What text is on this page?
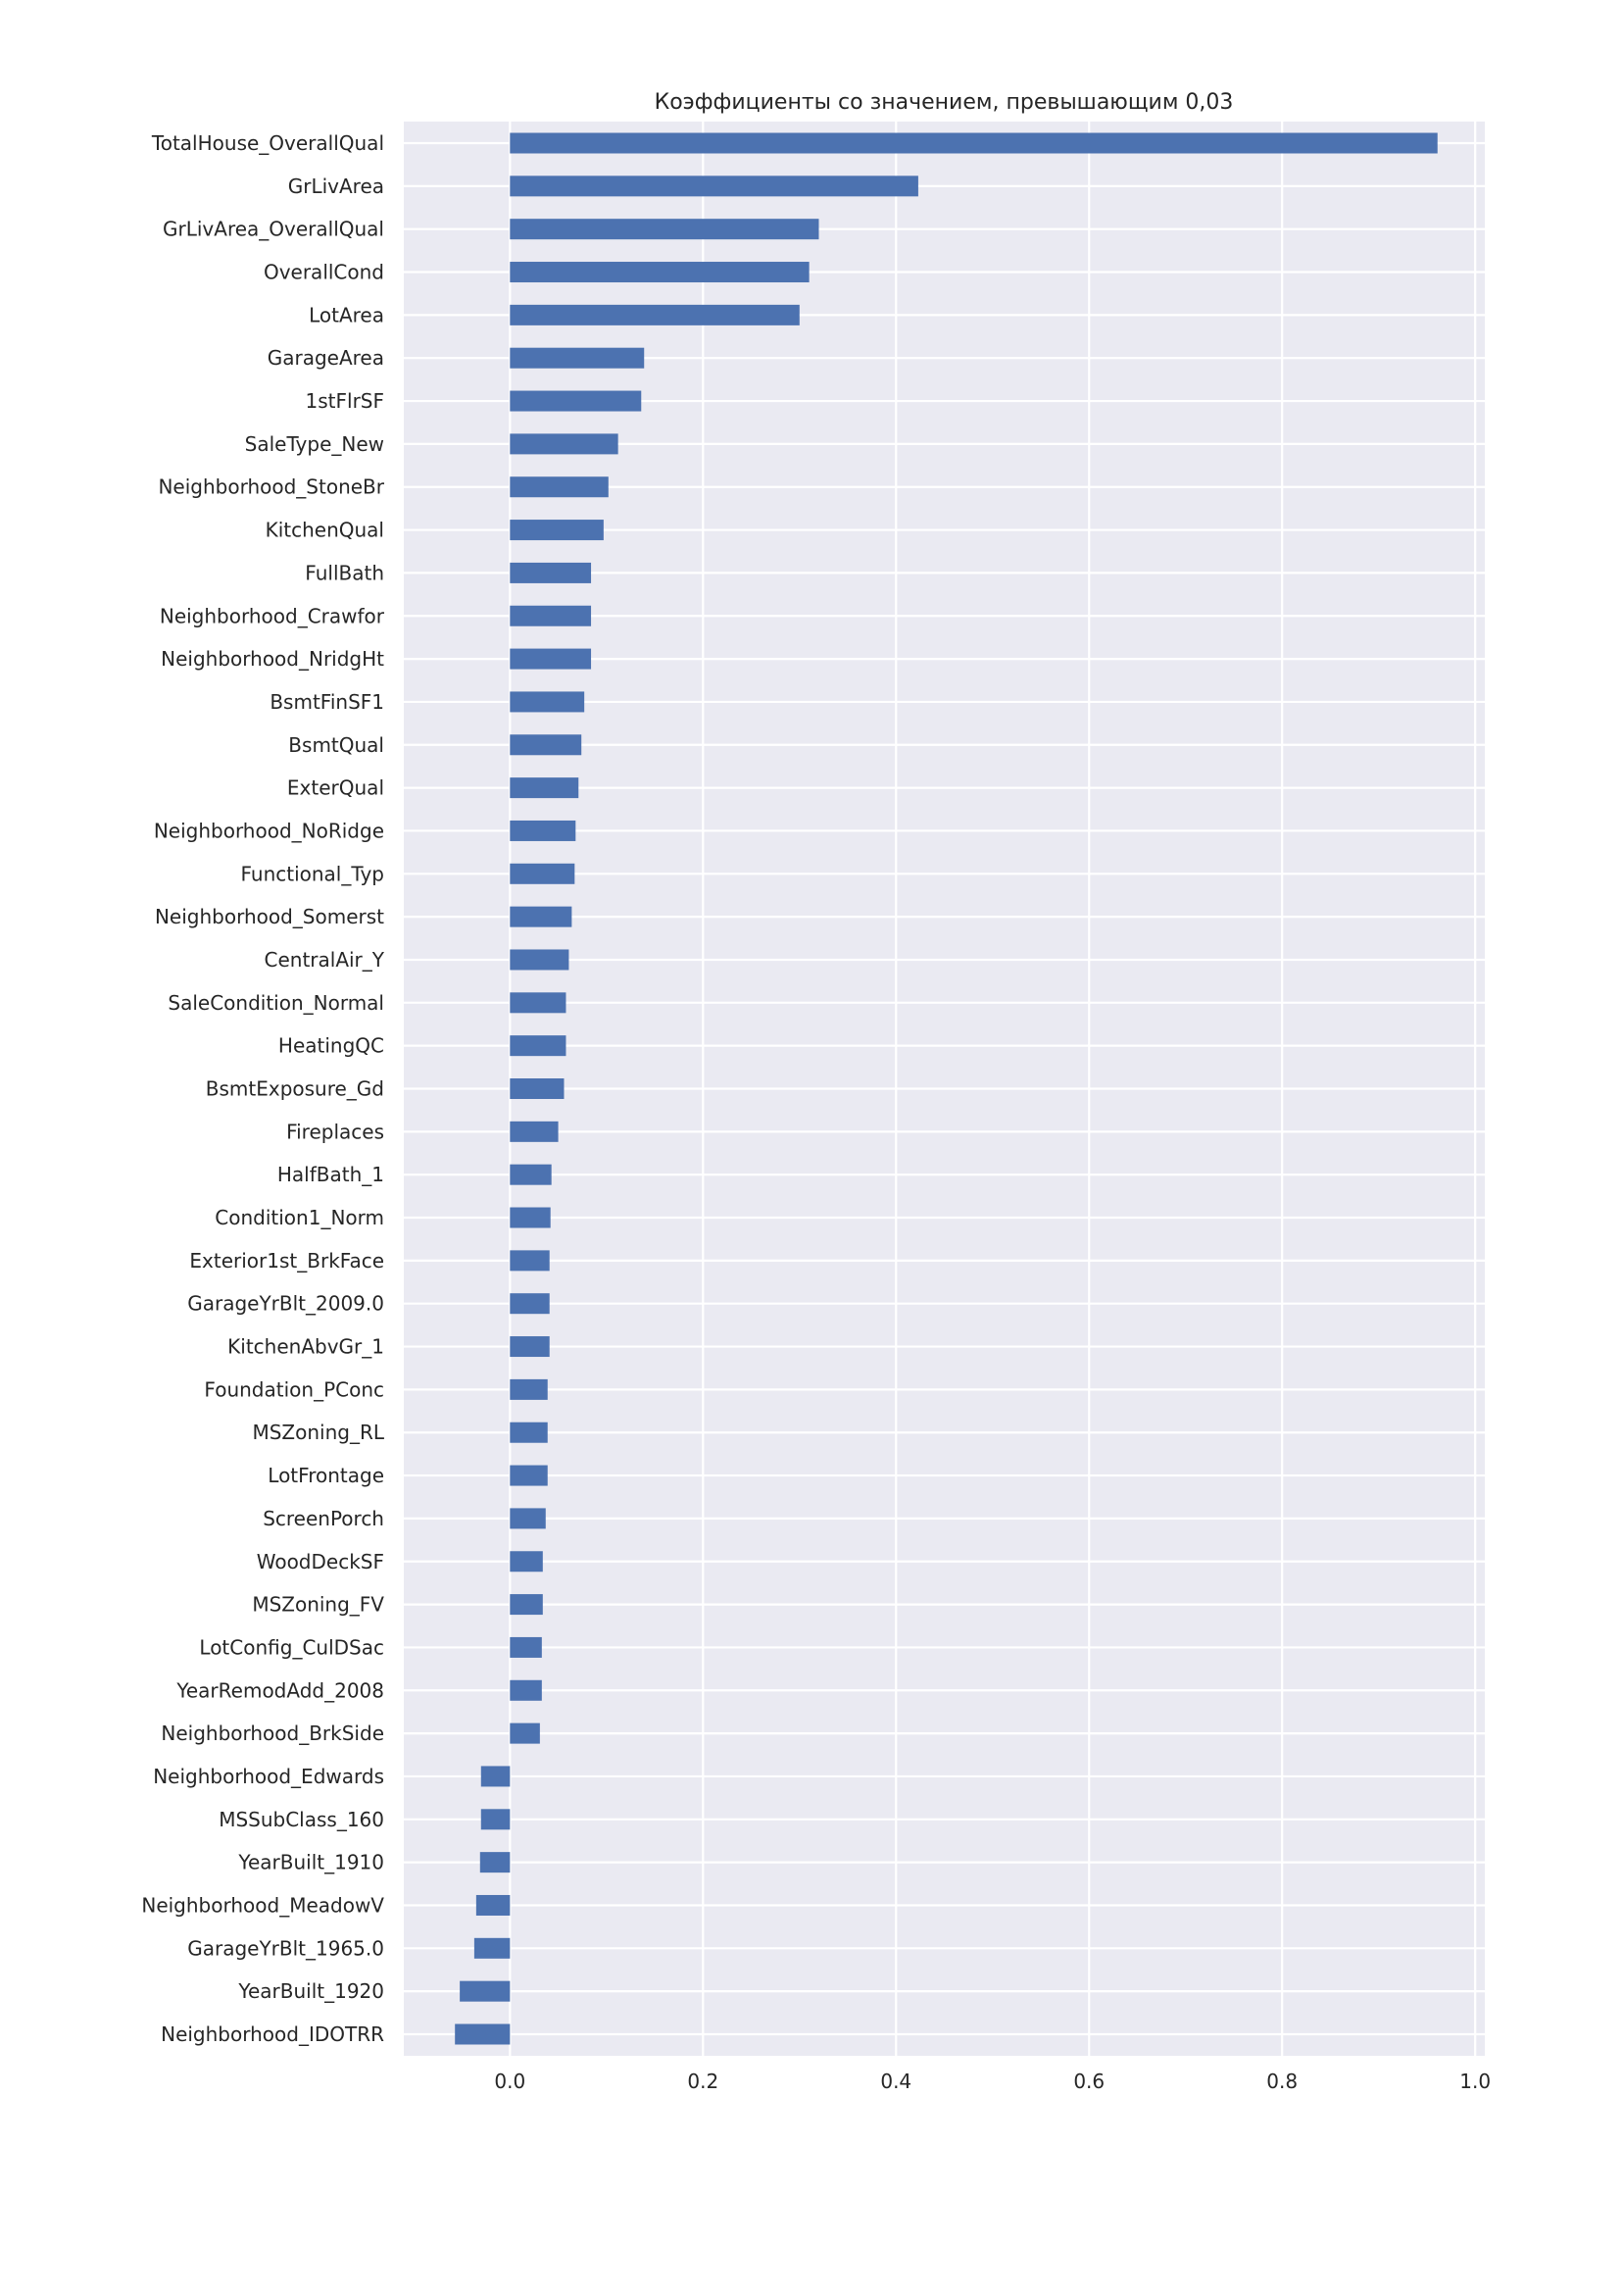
Коэффициенты со значением, превышающим 0,03
TotalHouse_OverallQual
GrLivArea
GrLivArea_OverallQual
OverallCond
LotArea
GarageArea
1stFlrSF
SaleType_New
Neighborhood_StoneBr
KitchenQual
FullBath
Neighborhood_Crawfor
Neighborhood_NridgHt
BsmtFinSF1
BsmtQual
ExterQual
Neighborhood_NoRidge
Functional_Typ
Neighborhood_Somerst
CentralAir_Y
SaleCondition_Normal
HeatingQC
BsmtExposure_Gd
Fireplaces
HalfBath_1
Condition1_Norm
Exterior1st_BrkFace
GarageYrBlt_2009.0
KitchenAbvGr_1
Foundation_PConc
MSZoning_RL
LotFrontage
ScreenPorch
WoodDeckSF
MSZoning_FV
LotConfig_CulDSac
YearRemodAdd_2008
Neighborhood_BrkSide
Neighborhood_Edwards
MSSubClass_160
YearBuilt_1910
Neighborhood_MeadowV
GarageYrBlt_1965.0
YearBuilt_1920
Neighborhood_IDOTRR
0.0	0.2	0.4	0.6	0.8	1.0
